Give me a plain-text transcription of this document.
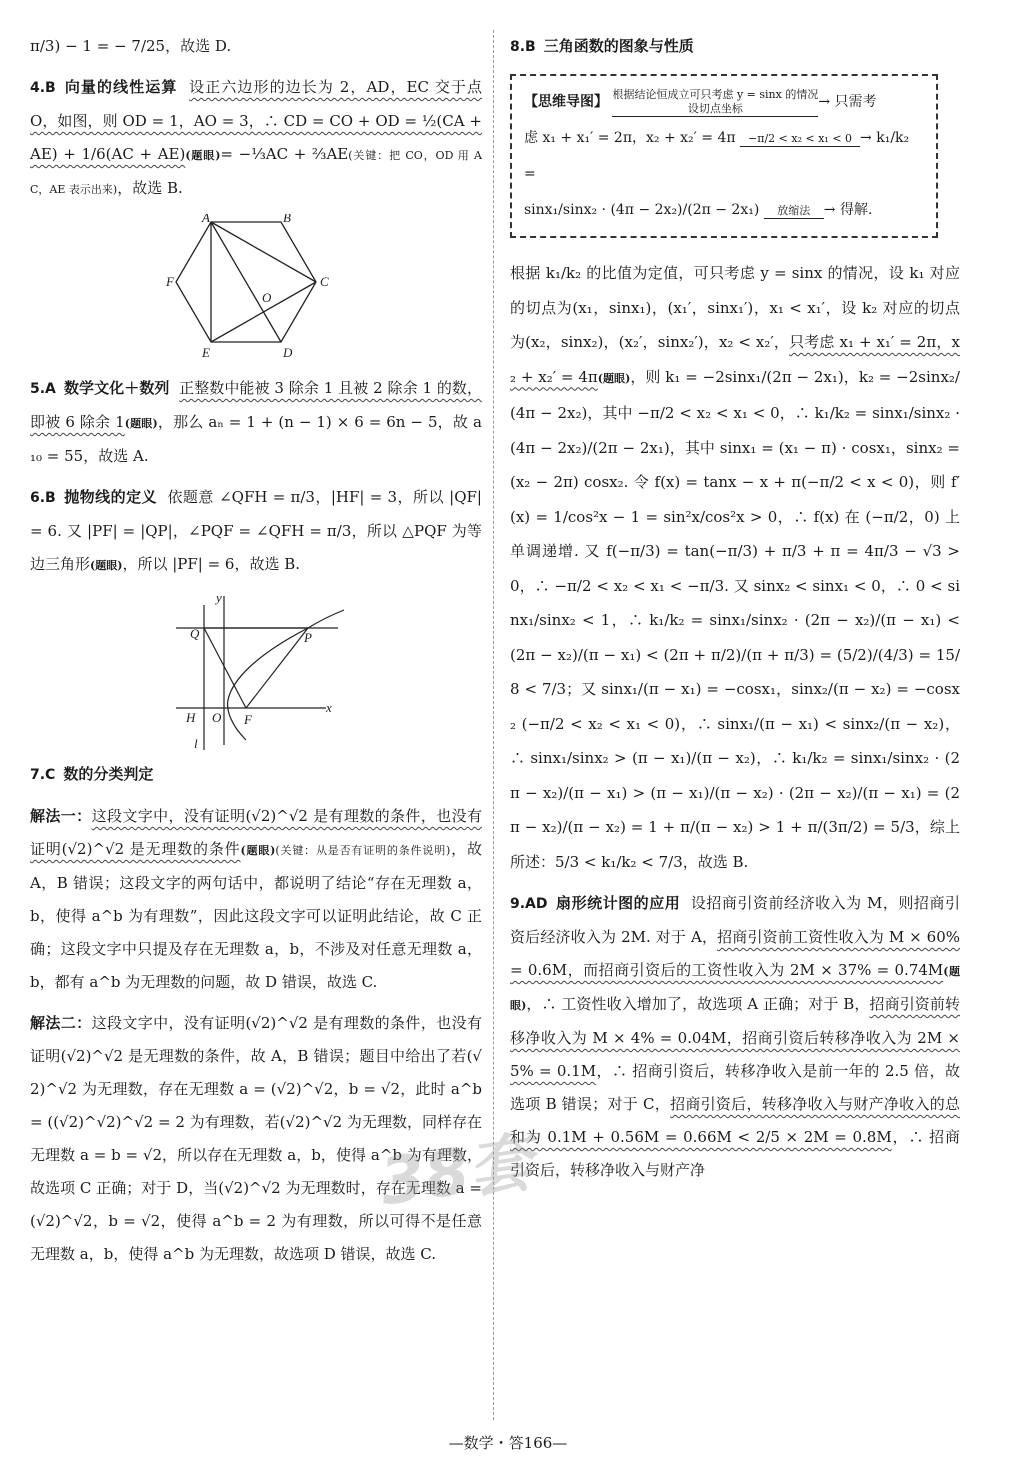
π/3) − 1 = − 7/25，故选 D.

4.B 向量的线性运算 设正六边形的边长为 2，AD，EC 交于点 O，如图，则 OD = 1，AO = 3，∴ CD = CO + OD = ½(CA + AE) + 1/6(AC + AE)(题眼)= −⅓AC + ⅔AE(关键：把 CO，OD 用 AC，AE 表示出来)，故选 B.

A	B
C
D
E
F
O

5.A 数学文化＋数列 正整数中能被 3 除余 1 且被 2 除余 1 的数，即被 6 除余 1(题眼)，那么 aₙ = 1 + (n − 1) × 6 = 6n − 5，故 a₁₀ = 55，故选 A.

6.B 抛物线的定义 依题意 ∠QFH = π/3，|HF| = 3，所以 |QF| = 6. 又 |PF| = |QP|，∠PQF = ∠QFH = π/3，所以 △PQF 为等边三角形(题眼)，所以 |PF| = 6，故选 B.

y
Q	P
H O F
x
l

7.C 数的分类判定

解法一：这段文字中，没有证明(√2)^√2 是有理数的条件，也没有证明(√2)^√2 是无理数的条件(题眼)(关键：从是否有证明的条件说明)，故 A，B 错误；这段文字的两句话中，都说明了结论“存在无理数 a，b，使得 a^b 为有理数”，因此这段文字可以证明此结论，故 C 正确；这段文字中只提及存在无理数 a，b，不涉及对任意无理数 a，b，都有 a^b 为无理数的问题，故 D 错误，故选 C.

解法二：这段文字中，没有证明(√2)^√2 是有理数的条件，也没有证明(√2)^√2 是无理数的条件，故 A，B 错误；题目中给出了若(√2)^√2 为无理数，存在无理数 a = (√2)^√2，b = √2，此时 a^b = ((√2)^√2)^√2 = 2 为有理数，若(√2)^√2 为无理数，同样存在无理数 a = b = √2，所以存在无理数 a，b，使得 a^b 为有理数，故选项 C 正确；对于 D，当(√2)^√2 为无理数时，存在无理数 a = (√2)^√2，b = √2，使得 a^b = 2 为有理数，所以可得不是任意无理数 a，b，使得 a^b 为无理数，故选项 D 错误，故选 C.

8.B 三角函数的图象与性质

【思维导图】 根据结论恒成立可只考虑 y = sinx 的情况
设切点坐标	→ 只需考
虑 x₁ + x₁′ = 2π，x₂ + x₂′ = 4π −π/2 < x₂ < x₁ < 0 → k₁/k₂ =
sinx₁/sinx₂ · (4π − 2x₂)/(2π − 2x₁) 放缩法 → 得解.

根据 k₁/k₂ 的比值为定值，可只考虑 y = sinx 的情况，设 k₁ 对应的切点为(x₁，sinx₁)，(x₁′，sinx₁′)，x₁ < x₁′，设 k₂ 对应的切点为(x₂，sinx₂)，(x₂′，sinx₂′)，x₂ < x₂′，只考虑 x₁ + x₁′ = 2π，x₂ + x₂′ = 4π(题眼)，则 k₁ = −2sinx₁/(2π − 2x₁)，k₂ = −2sinx₂/(4π − 2x₂)，其中 −π/2 < x₂ < x₁ < 0，∴ k₁/k₂ = sinx₁/sinx₂ · (4π − 2x₂)/(2π − 2x₁)，其中 sinx₁ = (x₁ − π) · cosx₁，sinx₂ = (x₂ − 2π) cosx₂. 令 f(x) = tanx − x + π(−π/2 < x < 0)，则 f′(x) = 1/cos²x − 1 = sin²x/cos²x > 0，∴ f(x) 在 (−π/2，0) 上单调递增. 又 f(−π/3) = tan(−π/3) + π/3 + π = 4π/3 − √3 > 0，∴ −π/2 < x₂ < x₁ < −π/3. 又 sinx₂ < sinx₁ < 0，∴ 0 < sinx₁/sinx₂ < 1，∴ k₁/k₂ = sinx₁/sinx₂ · (2π − x₂)/(π − x₁) < (2π − x₂)/(π − x₁) < (2π + π/2)/(π + π/3) = (5/2)/(4/3) = 15/8 < 7/3；又 sinx₁/(π − x₁) = −cosx₁，sinx₂/(π − x₂) = −cosx₂ (−π/2 < x₂ < x₁ < 0)，∴ sinx₁/(π − x₁) < sinx₂/(π − x₂)，∴ sinx₁/sinx₂ > (π − x₁)/(π − x₂)，∴ k₁/k₂ = sinx₁/sinx₂ · (2π − x₂)/(π − x₁) > (π − x₁)/(π − x₂) · (2π − x₂)/(π − x₁) = (2π − x₂)/(π − x₂) = 1 + π/(π − x₂) > 1 + π/(3π/2) = 5/3，综上所述：5/3 < k₁/k₂ < 7/3，故选 B.

9.AD 扇形统计图的应用 设招商引资前经济收入为 M，则招商引资后经济收入为 2M. 对于 A，招商引资前工资性收入为 M × 60% = 0.6M，而招商引资后的工资性收入为 2M × 37% = 0.74M(题眼)，∴ 工资性收入增加了，故选项 A 正确；对于 B，招商引资前转移净收入为 M × 4% = 0.04M，招商引资后转移净收入为 2M × 5% = 0.1M，∴ 招商引资后，转移净收入是前一年的 2.5 倍，故选项 B 错误；对于 C，招商引资后，转移净收入与财产净收入的总和为 0.1M + 0.56M = 0.66M < 2/5 × 2M = 0.8M，∴ 招商引资后，转移净收入与财产净

38套
—数学・答166—
